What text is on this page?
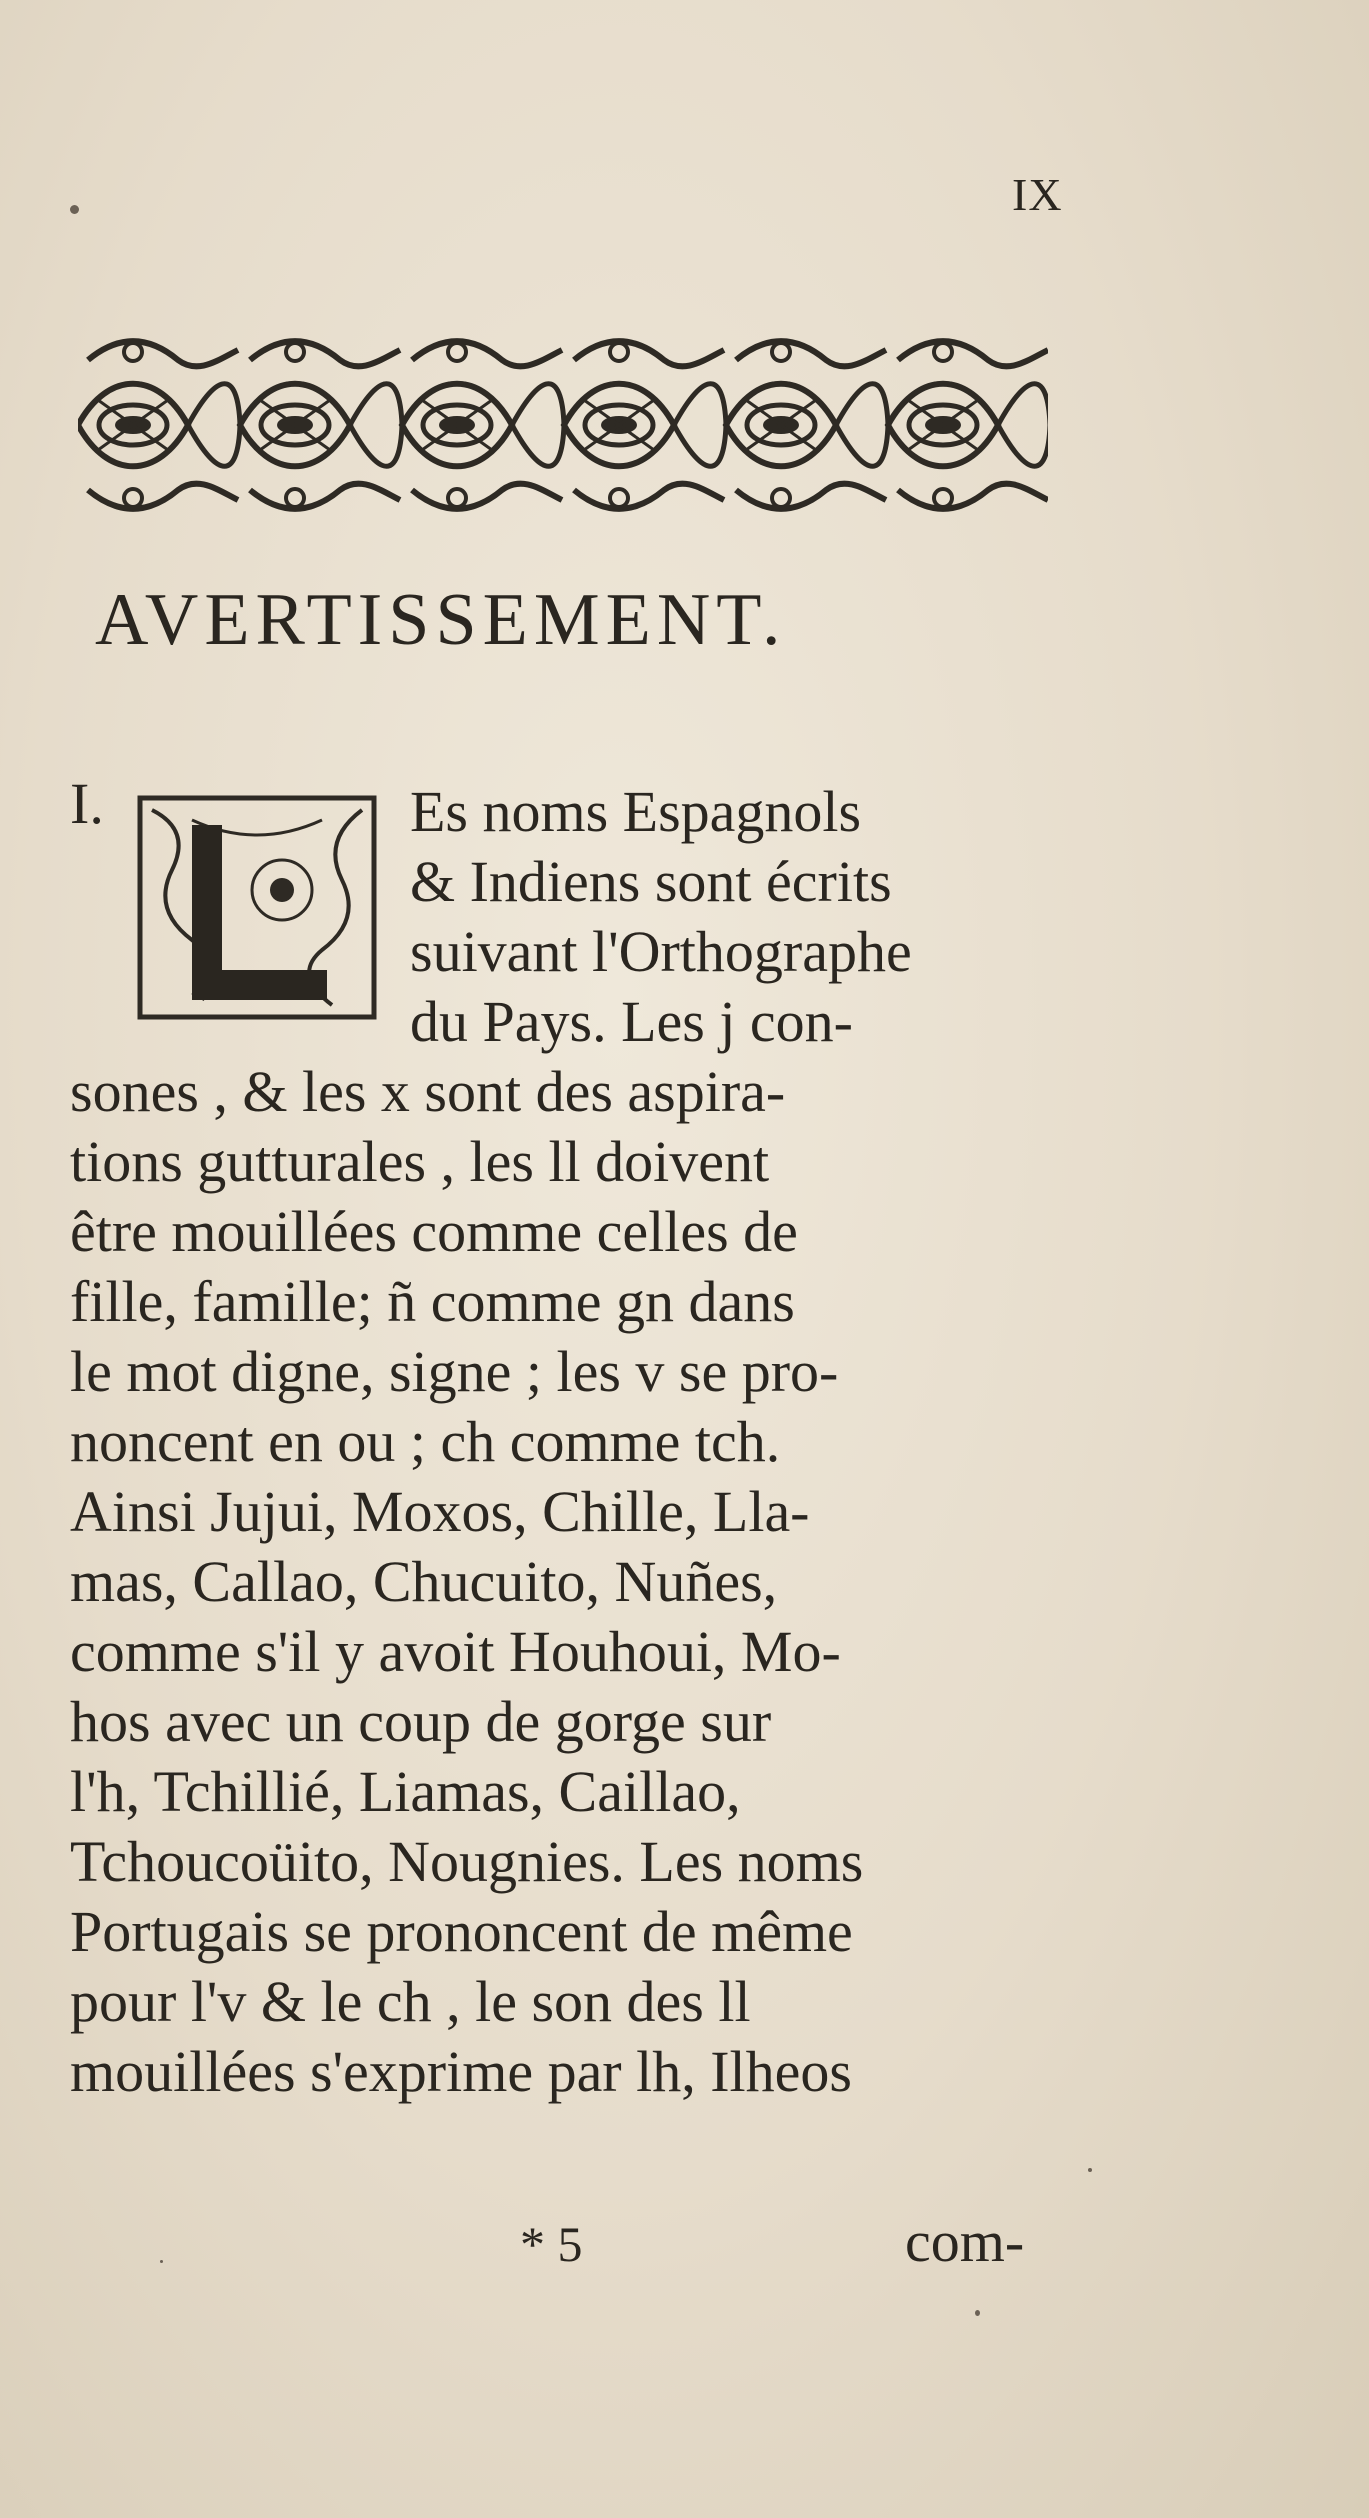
IX
AVERTISSEMENT.
I.	Es noms Espagnols
& Indiens sont écrits
suivant l'Orthographe
du Pays. Les j con-
sones , & les x sont des aspira-
tions gutturales , les ll doivent
être mouillées comme celles de
fille, famille; ñ comme gn dans
le mot digne, signe ; les v se pro-
noncent en ou ; ch comme tch.
Ainsi Jujui, Moxos, Chille, Lla-
mas, Callao, Chucuito, Nuñes,
comme s'il y avoit Houhoui, Mo-
hos avec un coup de gorge sur
l'h, Tchillié, Liamas, Caillao,
Tchoucoüito, Nougnies. Les noms
Portugais se prononcent de même
pour l'v & le ch , le son des ll
mouillées s'exprime par lh, Ilheos
* 5	com-
